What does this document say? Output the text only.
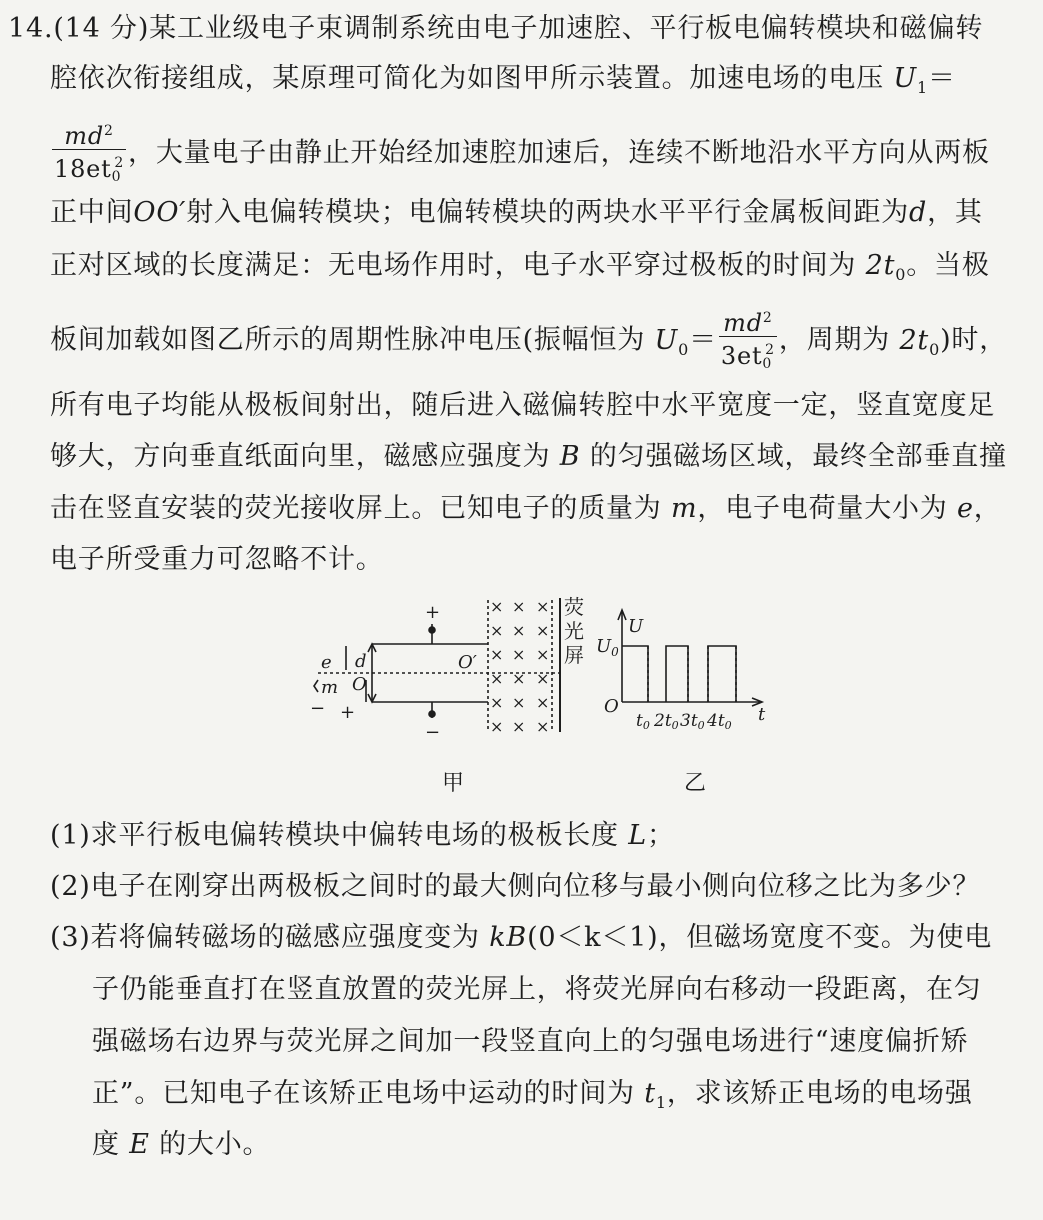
14.(14 分)某工业级电子束调制系统由电子加速腔、平行板电偏转模块和磁偏转
腔依次衔接组成，某原理可简化为如图甲所示装置。加速电场的电压 $U_1=$
$\frac{md^2}{18et0^2}$ ，大量电子由静止开始经加速腔加速后，连续不断地沿水平方向从两板
正中间OO′射入电偏转模块；电偏转模块的两块水平平行金属板间距为d，其
正对区域的长度满足：无电场作用时，电子水平穿过极板的时间为 $2t_0$。当极
板间加载如图乙所示的周期性脉冲电压(振幅恒为 $U_0= \frac{md^2}{3et0^2}$ ，周期为 $2t_0$)时，
所有电子均能从极板间射出，随后进入磁偏转腔中水平宽度一定，竖直宽度足
够大，方向垂直纸面向里，磁感应强度为 B 的匀强磁场区域，最终全部垂直撞
击在竖直安装的荧光接收屏上。已知电子的质量为 m，电子电荷量大小为 e，
电子所受重力可忽略不计。
+
−
e
m
d
O
O′
− +
× × ×
× × ×
× × ×
× × ×
× × ×
× × ×
荧
光
屏
甲
U
$U_0$
O	t
t0 2t0 3t0 4t0
乙
(1)求平行板电偏转模块中偏转电场的极板长度 L；
(2)电子在刚穿出两极板之间时的最大侧向位移与最小侧向位移之比为多少？
(3)若将偏转磁场的磁感应强度变为 kB(0＜k＜1)，但磁场宽度不变。为使电
子仍能垂直打在竖直放置的荧光屏上，将荧光屏向右移动一段距离，在匀
强磁场右边界与荧光屏之间加一段竖直向上的匀强电场进行“速度偏折矫
正”。已知电子在该矫正电场中运动的时间为 $t_1$，求该矫正电场的电场强
度 E 的大小。
